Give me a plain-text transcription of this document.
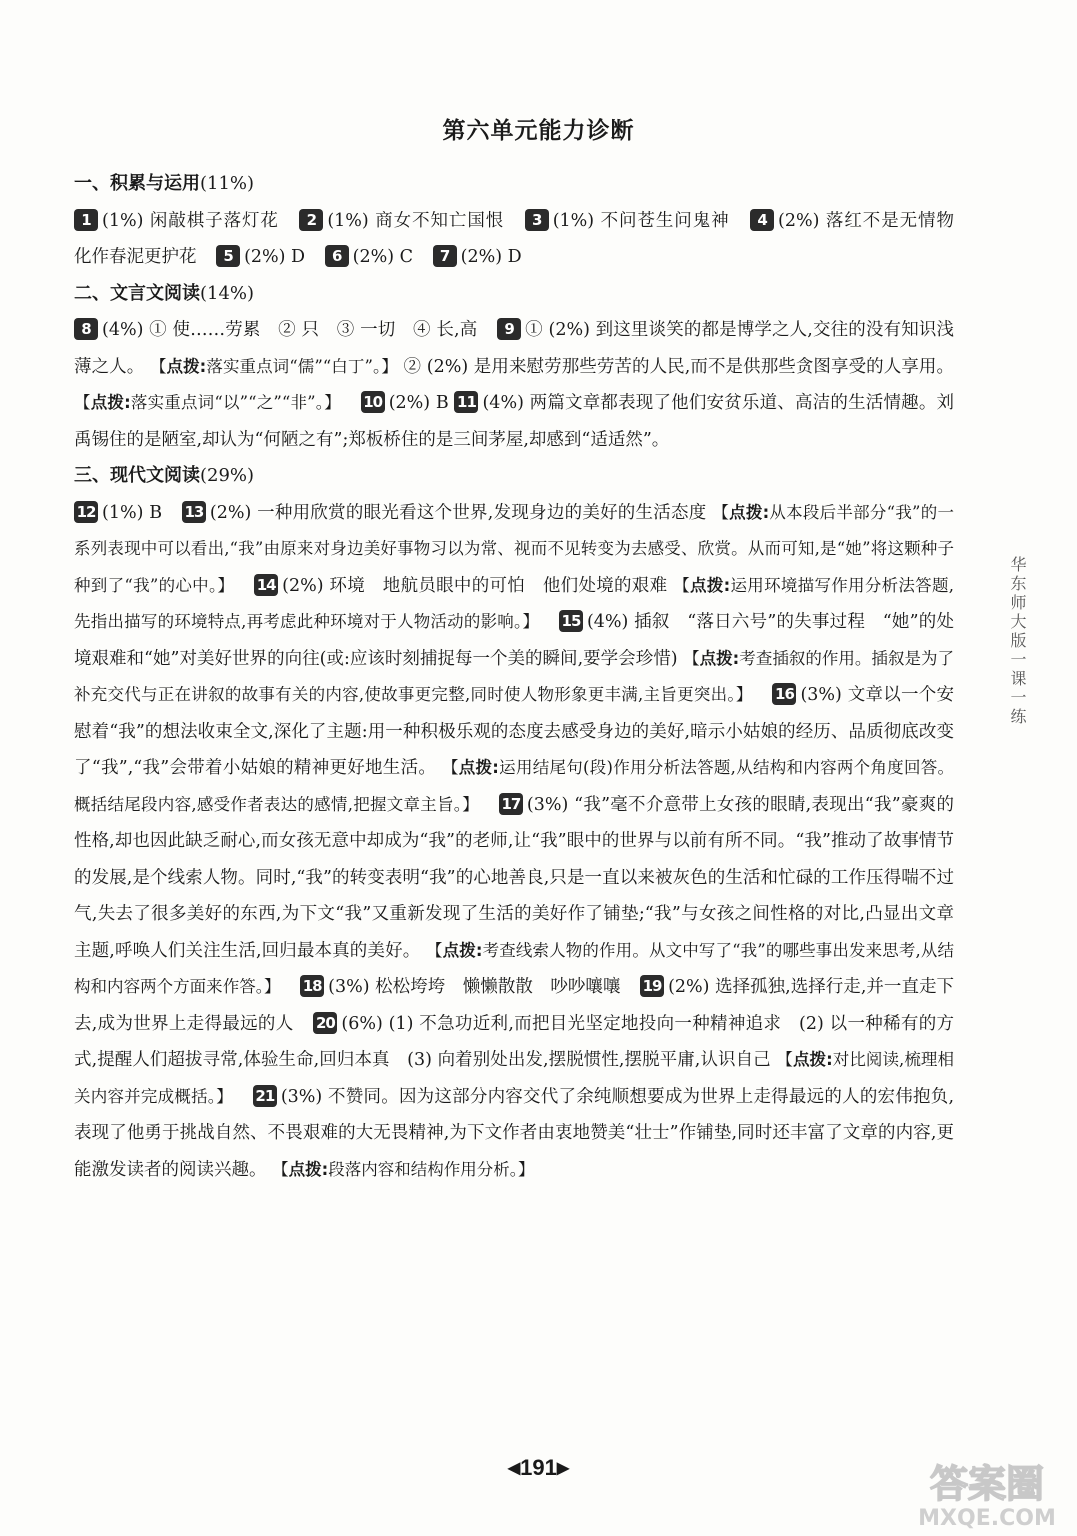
第六单元能力诊断
一、积累与运用(11%)

1 (1%) 闲敲棋子落灯花 2 (1%) 商女不知亡国恨 3 (1%) 不问苍生问鬼神 4 (2%) 落红不是无情物　化作春泥更护花 5 (2%) D 6 (2%) C 7 (2%) D

二、文言文阅读(14%)

8 (4%) ① 使……劳累　② 只　③ 一切　④ 长,高 9 ① (2%) 到这里谈笑的都是博学之人,交往的没有知识浅薄之人。 【点拨:落实重点词“儒”“白丁”。】 ② (2%) 是用来慰劳那些劳苦的人民,而不是供那些贪图享受的人享用。 【点拨:落实重点词“以”“之”“非”。】 10 (2%) B 11 (4%) 两篇文章都表现了他们安贫乐道、高洁的生活情趣。刘禹锡住的是陋室,却认为“何陋之有”;郑板桥住的是三间茅屋,却感到“适适然”。

三、现代文阅读(29%)

12 (1%) B 13 (2%) 一种用欣赏的眼光看这个世界,发现身边的美好的生活态度 【点拨:从本段后半部分“我”的一系列表现中可以看出,“我”由原来对身边美好事物习以为常、视而不见转变为去感受、欣赏。从而可知,是“她”将这颗种子种到了“我”的心中。】 14 (2%) 环境　地航员眼中的可怕　他们处境的艰难 【点拨:运用环境描写作用分析法答题,先指出描写的环境特点,再考虑此种环境对于人物活动的影响。】 15 (4%) 插叙　“落日六号”的失事过程　“她”的处境艰难和“她”对美好世界的向往(或:应该时刻捕捉每一个美的瞬间,要学会珍惜) 【点拨:考查插叙的作用。插叙是为了补充交代与正在讲叙的故事有关的内容,使故事更完整,同时使人物形象更丰满,主旨更突出。】 16 (3%) 文章以一个安慰着“我”的想法收束全文,深化了主题:用一种积极乐观的态度去感受身边的美好,暗示小姑娘的经历、品质彻底改变了“我”,“我”会带着小姑娘的精神更好地生活。 【点拨:运用结尾句(段)作用分析法答题,从结构和内容两个角度回答。概括结尾段内容,感受作者表达的感情,把握文章主旨。】 17 (3%) “我”毫不介意带上女孩的眼睛,表现出“我”豪爽的性格,却也因此缺乏耐心,而女孩无意中却成为“我”的老师,让“我”眼中的世界与以前有所不同。“我”推动了故事情节的发展,是个线索人物。同时,“我”的转变表明“我”的心地善良,只是一直以来被灰色的生活和忙碌的工作压得喘不过气,失去了很多美好的东西,为下文“我”又重新发现了生活的美好作了铺垫;“我”与女孩之间性格的对比,凸显出文章主题,呼唤人们关注生活,回归最本真的美好。 【点拨:考查线索人物的作用。从文中写了“我”的哪些事出发来思考,从结构和内容两个方面来作答。】 18 (3%) 松松垮垮　懒懒散散　吵吵嚷嚷 19 (2%) 选择孤独,选择行走,并一直走下去,成为世界上走得最远的人 20 (6%) (1) 不急功近利,而把目光坚定地投向一种精神追求　(2) 以一种稀有的方式,提醒人们超拔寻常,体验生命,回归本真　(3) 向着别处出发,摆脱惯性,摆脱平庸,认识自己 【点拨:对比阅读,梳理相关内容并完成概括。】 21 (3%) 不赞同。因为这部分内容交代了余纯顺想要成为世界上走得最远的人的宏伟抱负,表现了他勇于挑战自然、不畏艰难的大无畏精神,为下文作者由衷地赞美“壮士”作铺垫,同时还丰富了文章的内容,更能激发读者的阅读兴趣。 【点拨:段落内容和结构作用分析。】

华东师大版一课一练
◀191▶	答案圈
MXQE.COM
